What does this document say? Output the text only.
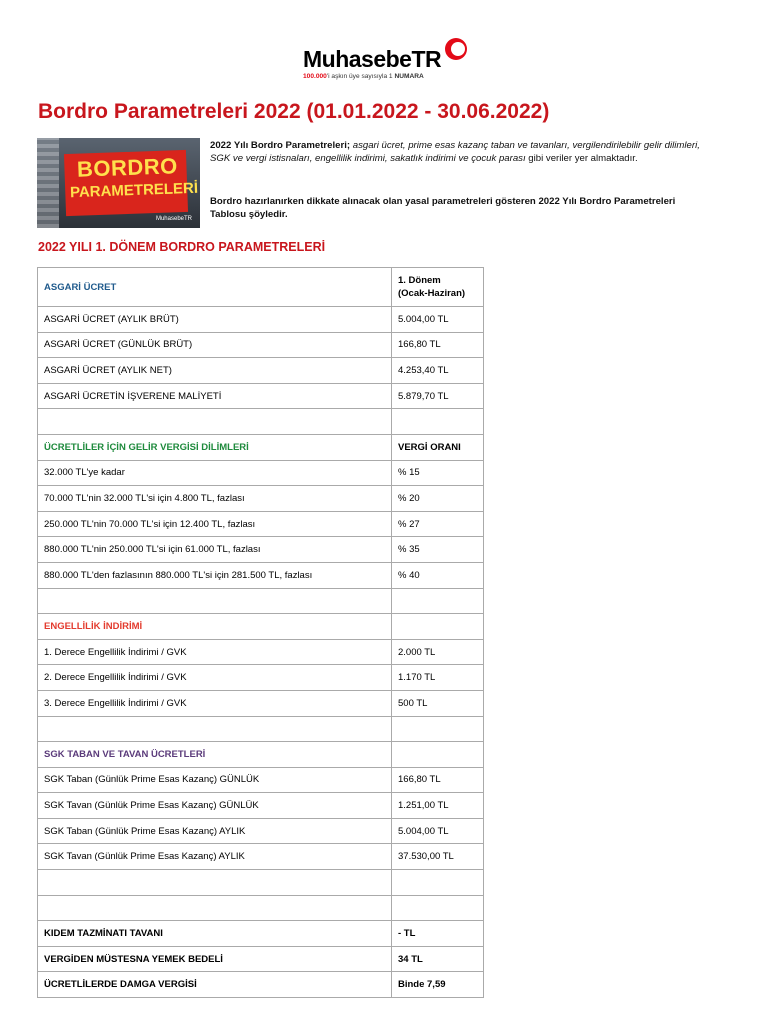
MuhasebeTR ★
100.000'i aşkın üye sayısıyla 1 NUMARA
Bordro Parametreleri 2022 (01.01.2022 - 30.06.2022)
BORDRO
PARAMETRELERİ
MuhasebeTR

2022 Yılı Bordro Parametreleri; asgari ücret, prime esas kazanç taban ve tavanları, vergilendirilebilir gelir dilimleri, SGK ve vergi istisnaları, engellilik indirimi, sakatlık indirimi ve çocuk parası gibi veriler yer almaktadır.

Bordro hazırlanırken dikkate alınacak olan yasal parametreleri gösteren 2022 Yılı Bordro Parametreleri Tablosu şöyledir.

2022 YILI 1. DÖNEM BORDRO PARAMETRELERİ
ASGARİ ÜCRET	1. Dönem
(Ocak-Haziran)
ASGARİ ÜCRET (AYLIK BRÜT)	5.004,00 TL
ASGARİ ÜCRET (GÜNLÜK BRÜT)	166,80 TL
ASGARİ ÜCRET (AYLIK NET)	4.253,40 TL
ASGARİ ÜCRETİN İŞVERENE MALİYETİ	5.879,70 TL

ÜCRETLİLER İÇİN GELİR VERGİSİ DİLİMLERİ	VERGİ ORANI
32.000 TL'ye kadar	% 15
70.000 TL'nin 32.000 TL'si için 4.800 TL, fazlası	% 20
250.000 TL'nin 70.000 TL'si için 12.400 TL, fazlası	% 27
880.000 TL'nin 250.000 TL'si için 61.000 TL, fazlası	% 35
880.000 TL'den fazlasının 880.000 TL'si için 281.500 TL, fazlası	% 40

ENGELLİLİK İNDİRİMİ	
1. Derece Engellilik İndirimi / GVK	2.000 TL
2. Derece Engellilik İndirimi / GVK	1.170 TL
3. Derece Engellilik İndirimi / GVK	500 TL

SGK TABAN VE TAVAN ÜCRETLERİ	
SGK Taban (Günlük Prime Esas Kazanç) GÜNLÜK	166,80 TL
SGK Tavan (Günlük Prime Esas Kazanç) GÜNLÜK	1.251,00 TL
SGK Taban (Günlük Prime Esas Kazanç) AYLIK	5.004,00 TL
SGK Tavan (Günlük Prime Esas Kazanç) AYLIK	37.530,00 TL

KIDEM TAZMİNATI TAVANI	- TL
VERGİDEN MÜSTESNA YEMEK BEDELİ	34 TL
ÜCRETLİLERDE DAMGA VERGİSİ	Binde 7,59
